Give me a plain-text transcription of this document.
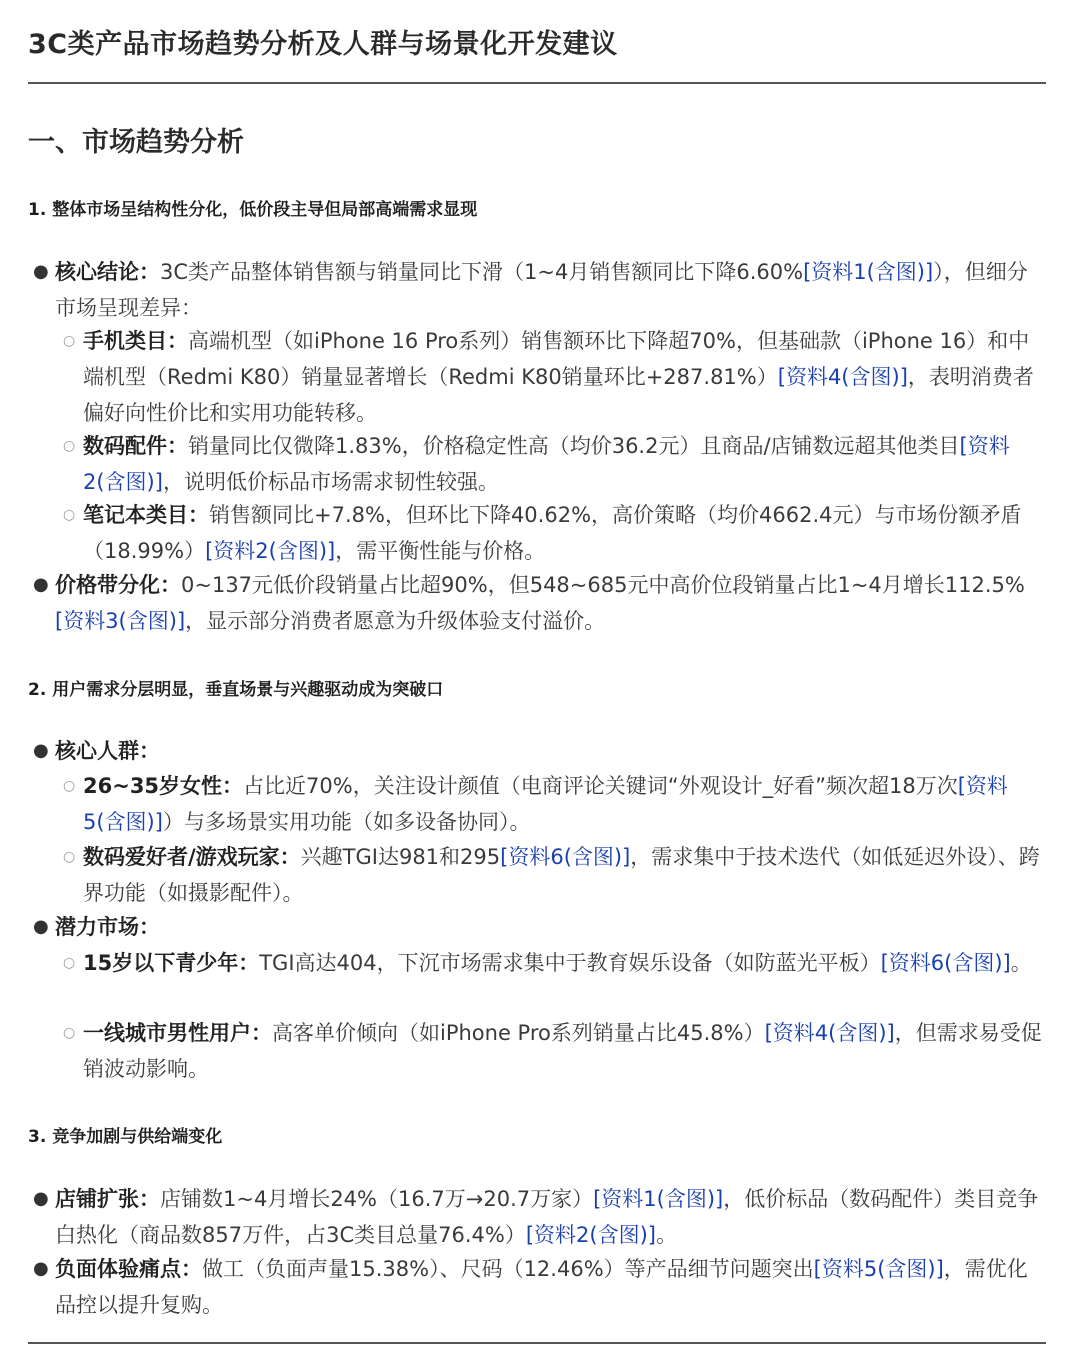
3C类产品市场趋势分析及人群与场景化开发建议
一、市场趋势分析
1. 整体市场呈结构性分化，低价段主导但局部高端需求显现
● 核心结论：3C类产品整体销售额与销量同比下滑（1~4月销售额同比下降6.60%[资料1(含图)]），但细分市场呈现差异：
○ 手机类目：高端机型（如iPhone 16 Pro系列）销售额环比下降超70%，但基础款（iPhone 16）和中端机型（Redmi K80）销量显著增长（Redmi K80销量环比+287.81%）[资料4(含图)]，表明消费者偏好向性价比和实用功能转移。
○ 数码配件：销量同比仅微降1.83%，价格稳定性高（均价36.2元）且商品/店铺数远超其他类目[资料2(含图)]，说明低价标品市场需求韧性较强。
○ 笔记本类目：销售额同比+7.8%，但环比下降40.62%，高价策略（均价4662.4元）与市场份额矛盾（18.99%）[资料2(含图)]，需平衡性能与价格。
● 价格带分化：0~137元低价段销量占比超90%，但548~685元中高价位段销量占比1~4月增长112.5%[资料3(含图)]，显示部分消费者愿意为升级体验支付溢价。
2. 用户需求分层明显，垂直场景与兴趣驱动成为突破口
● 核心人群：
○ 26~35岁女性：占比近70%，关注设计颜值（电商评论关键词“外观设计_好看”频次超18万次[资料5(含图)]）与多场景实用功能（如多设备协同）。
○ 数码爱好者/游戏玩家：兴趣TGI达981和295[资料6(含图)]，需求集中于技术迭代（如低延迟外设）、跨界功能（如摄影配件）。
● 潜力市场：
○ 15岁以下青少年：TGI高达404，下沉市场需求集中于教育娱乐设备（如防蓝光平板）[资料6(含图)]。
○ 一线城市男性用户：高客单价倾向（如iPhone Pro系列销量占比45.8%）[资料4(含图)]，但需求易受促销波动影响。
3. 竞争加剧与供给端变化
● 店铺扩张：店铺数1~4月增长24%（16.7万→20.7万家）[资料1(含图)]，低价标品（数码配件）类目竞争白热化（商品数857万件，占3C类目总量76.4%）[资料2(含图)]。
● 负面体验痛点：做工（负面声量15.38%）、尺码（12.46%）等产品细节问题突出[资料5(含图)]，需优化品控以提升复购。
